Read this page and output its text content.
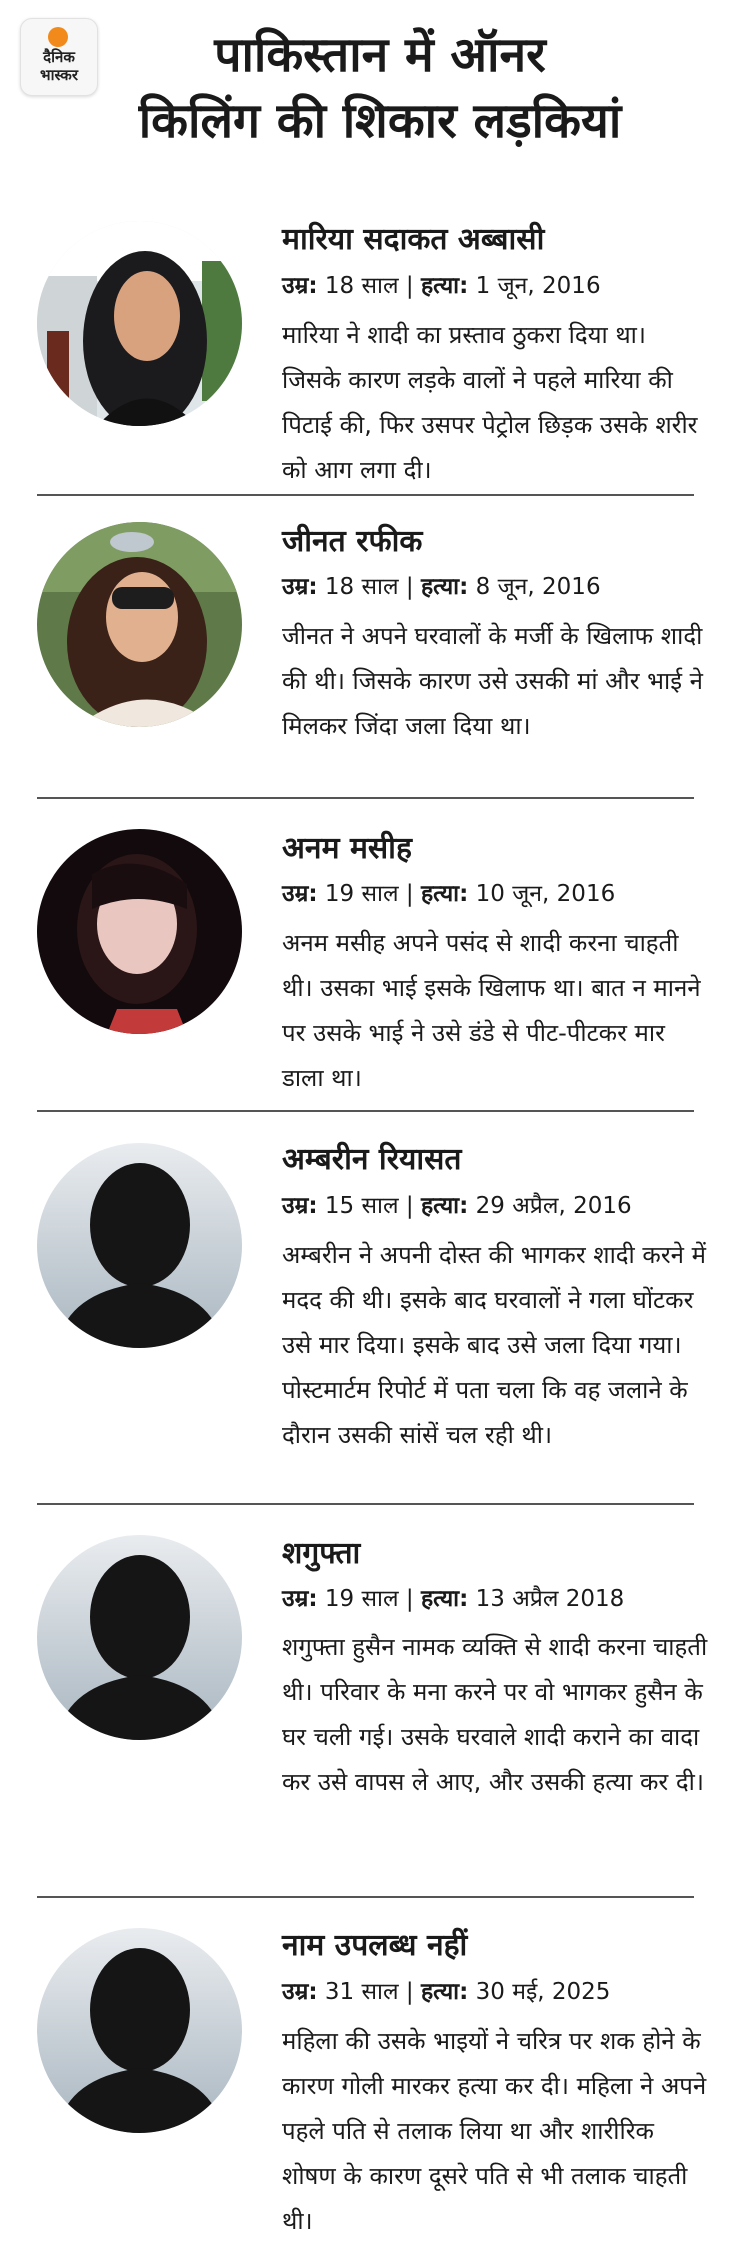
दैनिक
भास्कर	पाकिस्तान में ऑनर
किलिंग की शिकार लड़कियां
मारिया सदाकत अब्बासी
उम्र: 18 साल | हत्या: 1 जून, 2016
मारिया ने शादी का प्रस्ताव ठुकरा दिया था। जिसके कारण लड़के वालों ने पहले मारिया की पिटाई की, फिर उसपर पेट्रोल छिड़क उसके शरीर को आग लगा दी।
जीनत रफीक
उम्र: 18 साल | हत्या: 8 जून, 2016
जीनत ने अपने घरवालों के मर्जी के खिलाफ शादी की थी। जिसके कारण उसे उसकी मां और भाई ने मिलकर जिंदा जला दिया था।
अनम मसीह
उम्र: 19 साल | हत्या: 10 जून, 2016
अनम मसीह अपने पसंद से शादी करना चाहती थी। उसका भाई इसके खिलाफ था। बात न मानने पर उसके भाई ने उसे डंडे से पीट-पीटकर मार डाला था।
अम्बरीन रियासत
उम्र: 15 साल | हत्या: 29 अप्रैल, 2016
अम्बरीन ने अपनी दोस्त की भागकर शादी करने में मदद की थी। इसके बाद घरवालों ने गला घोंटकर उसे मार दिया। इसके बाद उसे जला दिया गया। पोस्टमार्टम रिपोर्ट में पता चला कि वह जलाने के दौरान उसकी सांसें चल रही थी।
शगुफ्ता
उम्र: 19 साल | हत्या: 13 अप्रैल 2018
शगुफ्ता हुसैन नामक व्यक्ति से शादी करना चाहती थी। परिवार के मना करने पर वो भागकर हुसैन के घर चली गई। उसके घरवाले शादी कराने का वादा कर उसे वापस ले आए, और उसकी हत्या कर दी।
नाम उपलब्ध नहीं
उम्र: 31 साल | हत्या: 30 मई, 2025
महिला की उसके भाइयों ने चरित्र पर शक होने के कारण गोली मारकर हत्या कर दी। महिला ने अपने पहले पति से तलाक लिया था और शारीरिक शोषण के कारण दूसरे पति से भी तलाक चाहती थी।
